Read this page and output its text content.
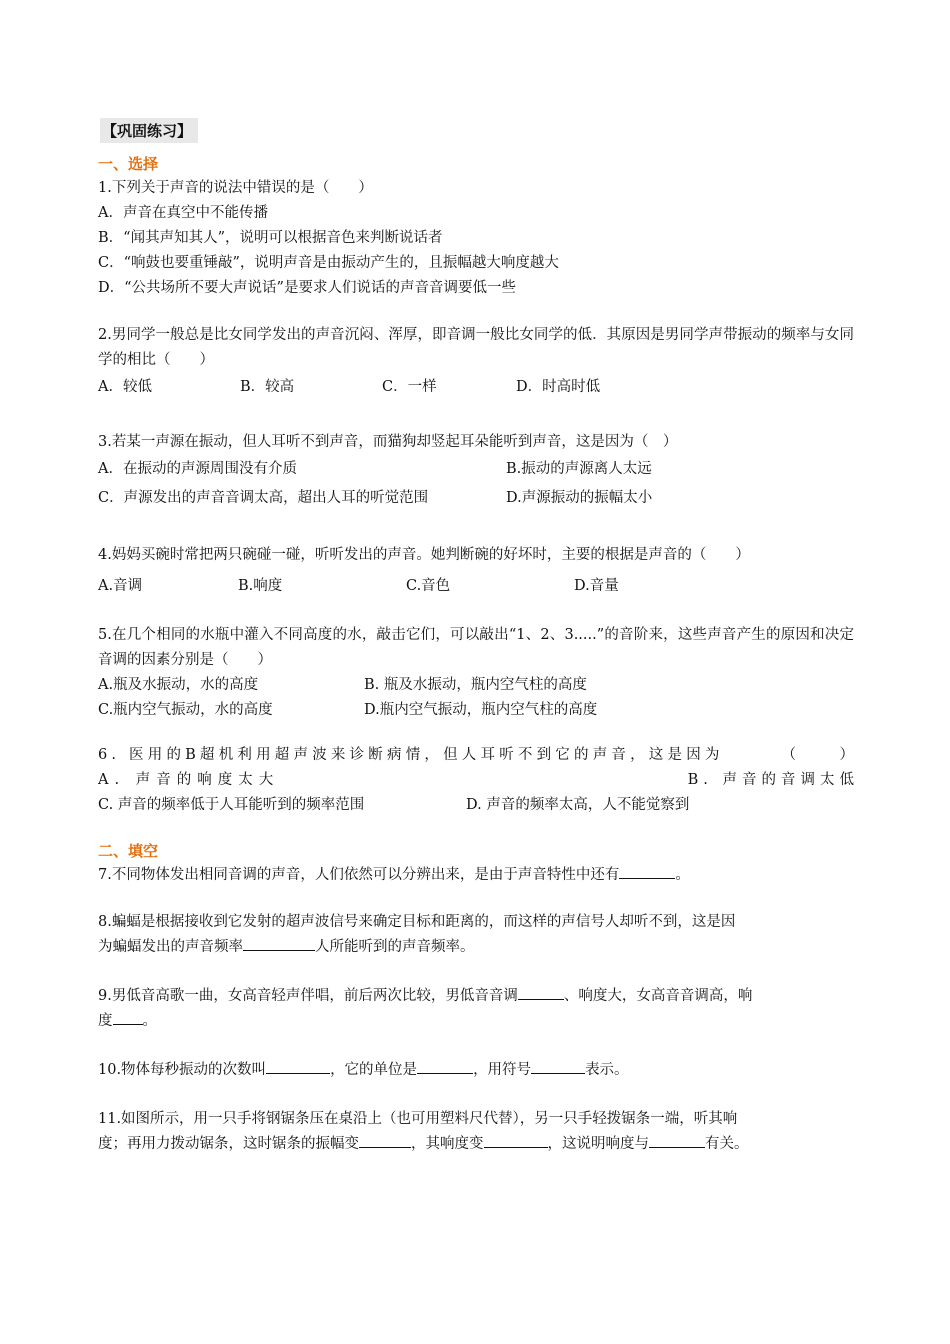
【巩固练习】
一、选择
1.下列关于声音的说法中错误的是（　　）
A．声音在真空中不能传播
B．“闻其声知其人”，说明可以根据音色来判断说话者
C．“响鼓也要重锤敲”，说明声音是由振动产生的，且振幅越大响度越大
D．“公共场所不要大声说话”是要求人们说话的声音音调要低一些
2.男同学一般总是比女同学发出的声音沉闷、浑厚，即音调一般比女同学的低．其原因是男同学声带振动的频率与女同学的相比（　　）
A．较低	B．较高	C．一样	D．时高时低
3.若某一声源在振动，但人耳听不到声音，而猫狗却竖起耳朵能听到声音，这是因为（　）
A．在振动的声源周围没有介质	B.振动的声源离人太远
C．声源发出的声音音调太高，超出人耳的听觉范围	D.声源振动的振幅太小
4.妈妈买碗时常把两只碗碰一碰，听听发出的声音。她判断碗的好坏时，主要的根据是声音的（　　）
A.音调	B.响度	C.音色	D.音量
5.在几个相同的水瓶中灌入不同高度的水，敲击它们，可以敲出“1、2、3.....”的音阶来，这些声音产生的原因和决定音调的因素分别是（　　）
A.瓶及水振动，水的高度	B. 瓶及水振动，瓶内空气柱的高度
C.瓶内空气振动，水的高度	D.瓶内空气振动，瓶内空气柱的高度
6. 医用的B超机利用超声波来诊断病情，但人耳听不到它的声音，这是因为	（　　　）
A. 声音的响度太大	B. 声音的音调太低
C. 声音的频率低于人耳能听到的频率范围	D. 声音的频率太高，人不能觉察到
二、填空
7.不同物体发出相同音调的声音，人们依然可以分辨出来，是由于声音特性中还有	。
8.蝙蝠是根据接收到它发射的超声波信号来确定目标和距离的，而这样的声信号人却听不到，这是因
为蝙蝠发出的声音频率	人所能听到的声音频率。
9.男低音高歌一曲，女高音轻声伴唱，前后两次比较，男低音音调	、响度大，女高音音调高，响
度 。
10.物体每秒振动的次数叫	，它的单位是	，用符号	表示。
11.如图所示，用一只手将钢锯条压在桌沿上（也可用塑料尺代替），另一只手轻拨锯条一端，听其响
度；再用力拨动锯条，这时锯条的振幅变	，其响度变	，这说明响度与	有关。
